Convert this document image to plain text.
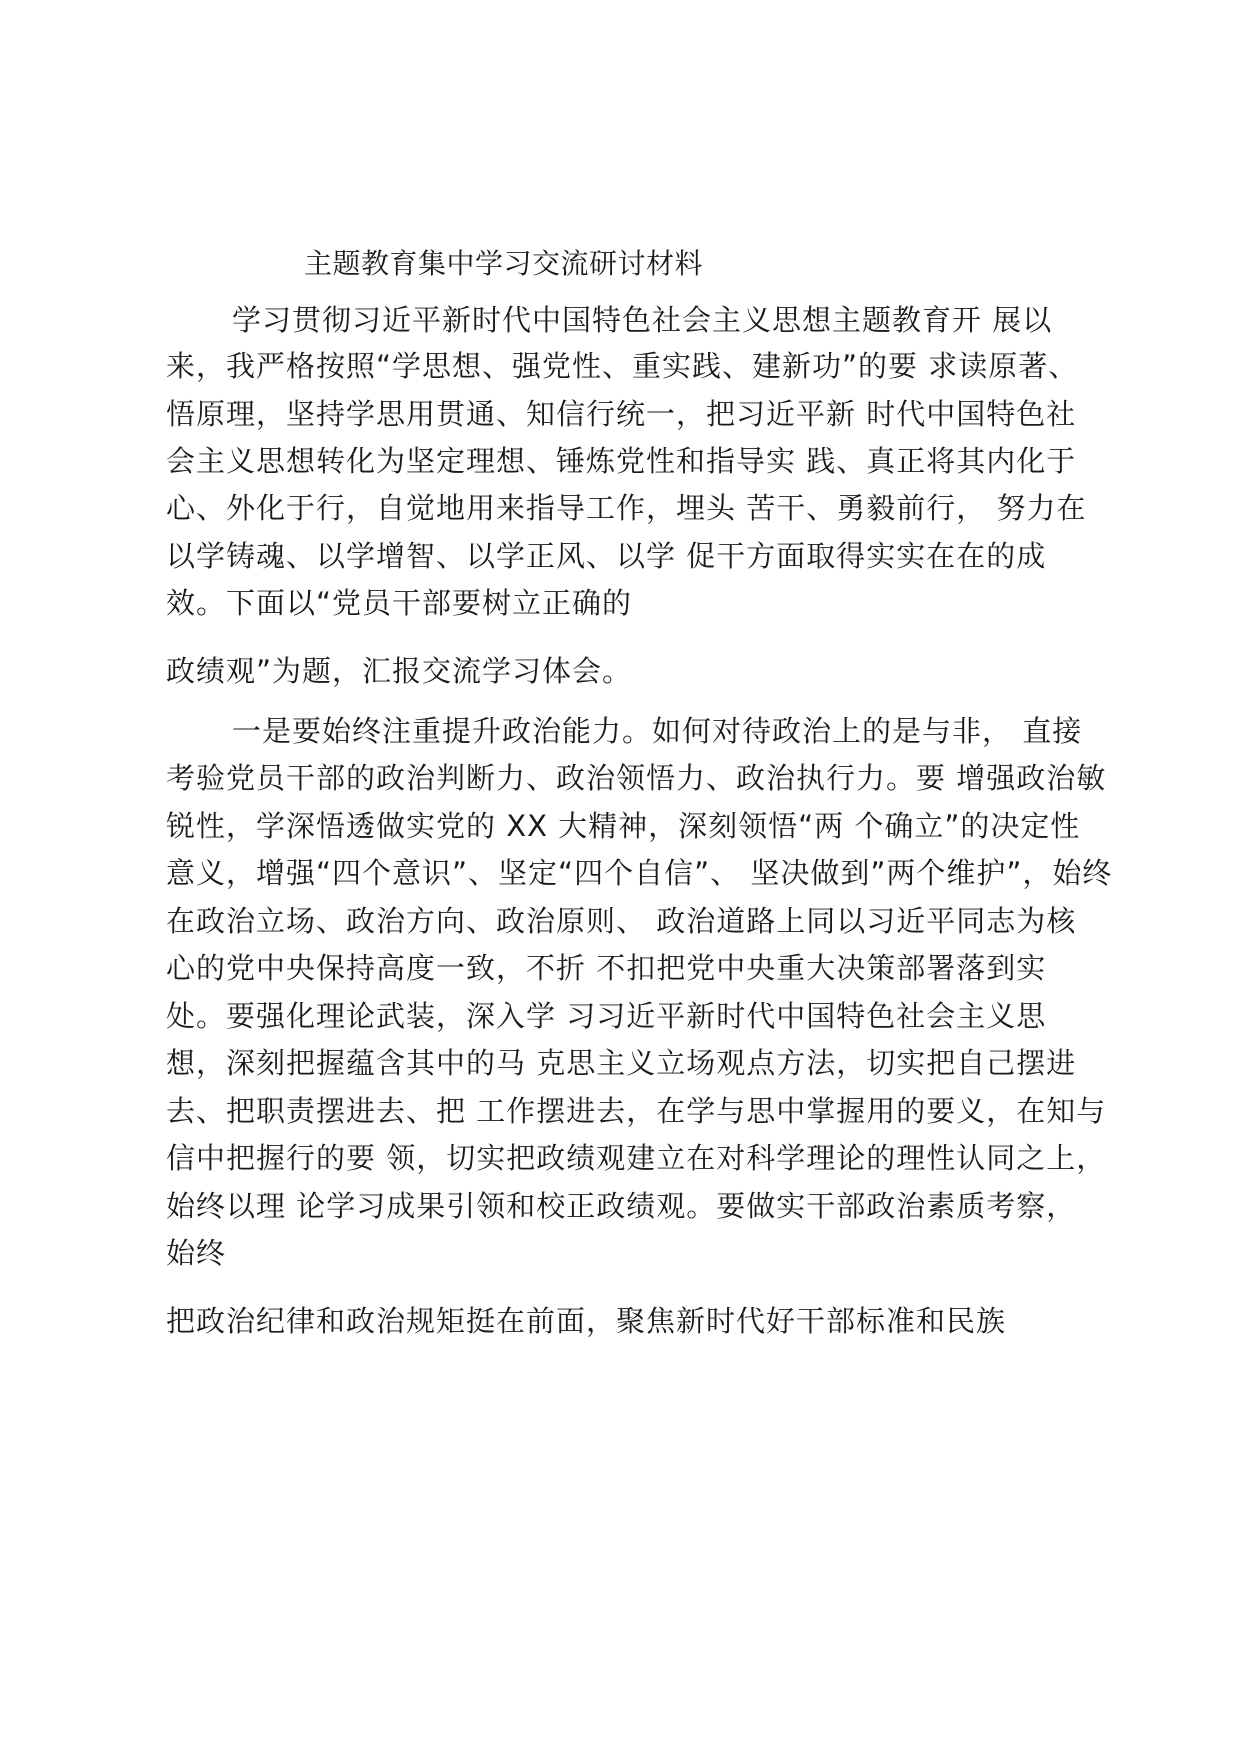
主题教育集中学习交流研讨材料
学习贯彻习近平新时代中国特色社会主义思想主题教育开 展以
来，我严格按照“学思想、强党性、重实践、建新功”的要 求读原著、
悟原理，坚持学思用贯通、知信行统一，把习近平新 时代中国特色社
会主义思想转化为坚定理想、锤炼党性和指导实 践、真正将其内化于
心、外化于行，自觉地用来指导工作，埋头 苦干、勇毅前行， 努力在
以学铸魂、以学增智、以学正风、以学 促干方面取得实实在在的成
效。下面以“党员干部要树立正确的
政绩观”为题，汇报交流学习体会。
一是要始终注重提升政治能力。如何对待政治上的是与非， 直接
考验党员干部的政治判断力、政治领悟力、政治执行力。要 增强政治敏
锐性，学深悟透做实党的 XX 大精神，深刻领悟“两 个确立”的决定性
意义，增强“四个意识”、坚定“四个自信”、 坚决做到”两个维护”，始终
在政治立场、政治方向、政治原则、 政治道路上同以习近平同志为核
心的党中央保持高度一致，不折 不扣把党中央重大决策部署落到实
处。要强化理论武装，深入学 习习近平新时代中国特色社会主义思
想，深刻把握蕴含其中的马 克思主义立场观点方法，切实把自己摆进
去、把职责摆进去、把 工作摆进去，在学与思中掌握用的要义，在知与
信中把握行的要 领，切实把政绩观建立在对科学理论的理性认同之上，
始终以理 论学习成果引领和校正政绩观。要做实干部政治素质考察，
始终
把政治纪律和政治规矩挺在前面，聚焦新时代好干部标准和民族
